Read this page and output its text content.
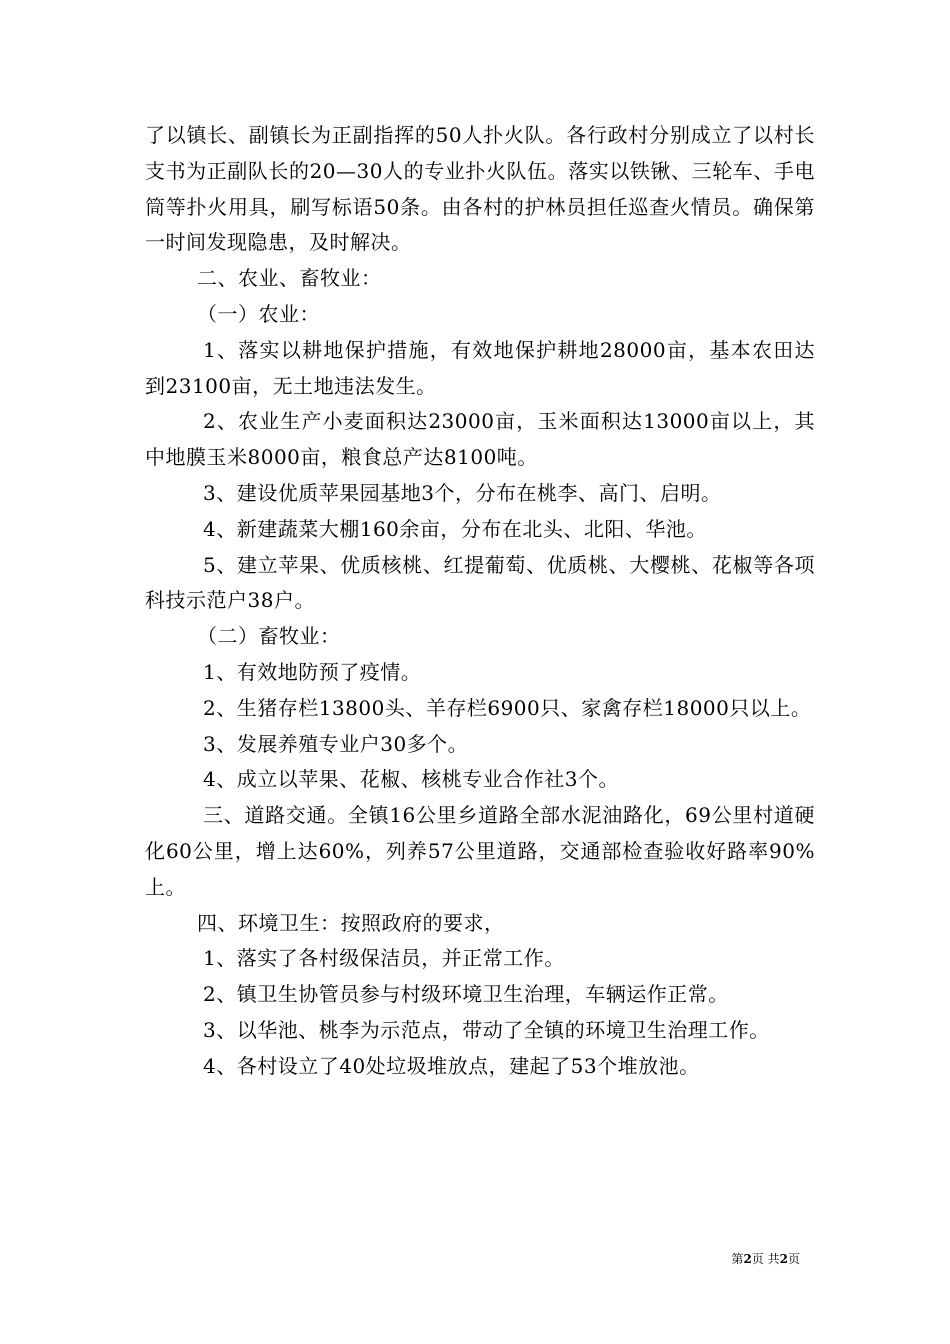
了以镇长、副镇长为正副指挥的50人扑火队。各行政村分别成立了以村长支书为正副队长的20—30人的专业扑火队伍。落实以铁锹、三轮车、手电筒等扑火用具，刷写标语50条。由各村的护林员担任巡查火情员。确保第一时间发现隐患，及时解决。

二、农业、畜牧业：

（一）农业：

1、落实以耕地保护措施，有效地保护耕地28000亩，基本农田达到23100亩，无土地违法发生。

2、农业生产小麦面积达23000亩，玉米面积达13000亩以上，其中地膜玉米8000亩，粮食总产达8100吨。

3、建设优质苹果园基地3个，分布在桃李、高门、启明。

4、新建蔬菜大棚160余亩，分布在北头、北阳、华池。

5、建立苹果、优质核桃、红提葡萄、优质桃、大樱桃、花椒等各项科技示范户38户。

（二）畜牧业：

1、有效地防预了疫情。

2、生猪存栏13800头、羊存栏6900只、家禽存栏18000只以上。

3、发展养殖专业户30多个。

4、成立以苹果、花椒、核桃专业合作社3个。

三、道路交通。全镇16公里乡道路全部水泥油路化，69公里村道硬化60公里，增上达60%，列养57公里道路，交通部检查验收好路率90%上。

四、环境卫生：按照政府的要求，

1、落实了各村级保洁员，并正常工作。

2、镇卫生协管员参与村级环境卫生治理，车辆运作正常。

3、以华池、桃李为示范点，带动了全镇的环境卫生治理工作。

4、各村设立了40处垃圾堆放点，建起了53个堆放池。

第2页 共2页
